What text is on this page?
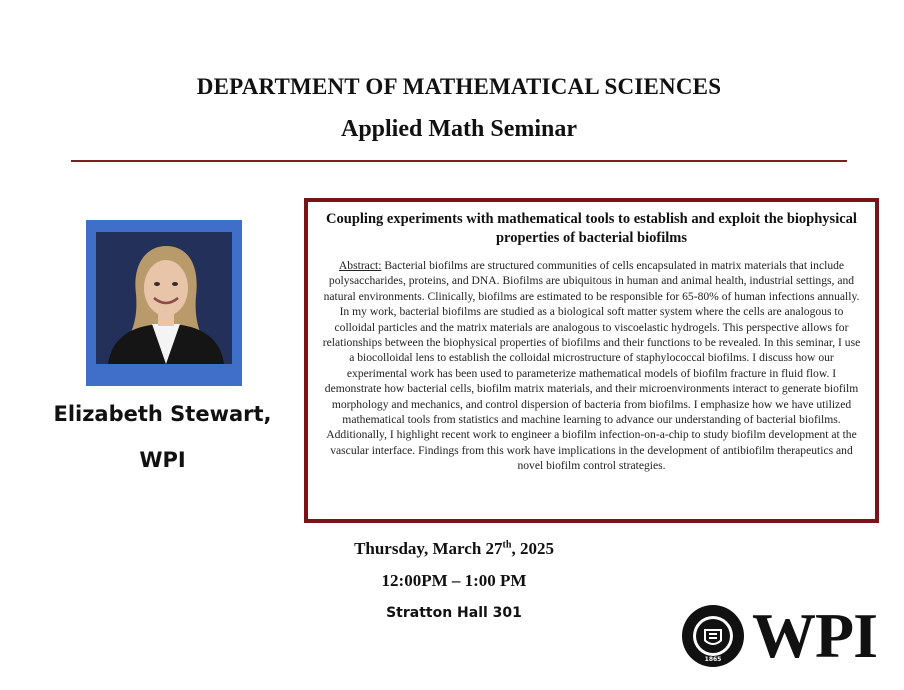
DEPARTMENT OF MATHEMATICAL SCIENCES
Applied Math Seminar
Elizabeth Stewart,
WPI

Coupling experiments with mathematical tools to establish and exploit the biophysical properties of bacterial biofilms

Abstract: Bacterial biofilms are structured communities of cells encapsulated in matrix materials that include polysaccharides, proteins, and DNA. Biofilms are ubiquitous in human and animal health, industrial settings, and natural environments. Clinically, biofilms are estimated to be responsible for 65-80% of human infections annually. In my work, bacterial biofilms are studied as a biological soft matter system where the cells are analogous to colloidal particles and the matrix materials are analogous to viscoelastic hydrogels. This perspective allows for relationships between the biophysical properties of biofilms and their functions to be revealed. In this seminar, I use a biocolloidal lens to establish the colloidal microstructure of staphylococcal biofilms. I discuss how our experimental work has been used to parameterize mathematical models of biofilm fracture in fluid flow. I demonstrate how bacterial cells, biofilm matrix materials, and their microenvironments interact to generate biofilm morphology and mechanics, and control dispersion of bacteria from biofilms. I emphasize how we have utilized mathematical tools from statistics and machine learning to advance our understanding of bacterial biofilms. Additionally, I highlight recent work to engineer a biofilm infection-on-a-chip to study biofilm development at the vascular interface. Findings from this work have implications in the development of antibiofilm therapeutics and novel biofilm control strategies.

Thursday, March 27th, 2025
12:00PM – 1:00 PM
Stratton Hall 301
1865 WPI
